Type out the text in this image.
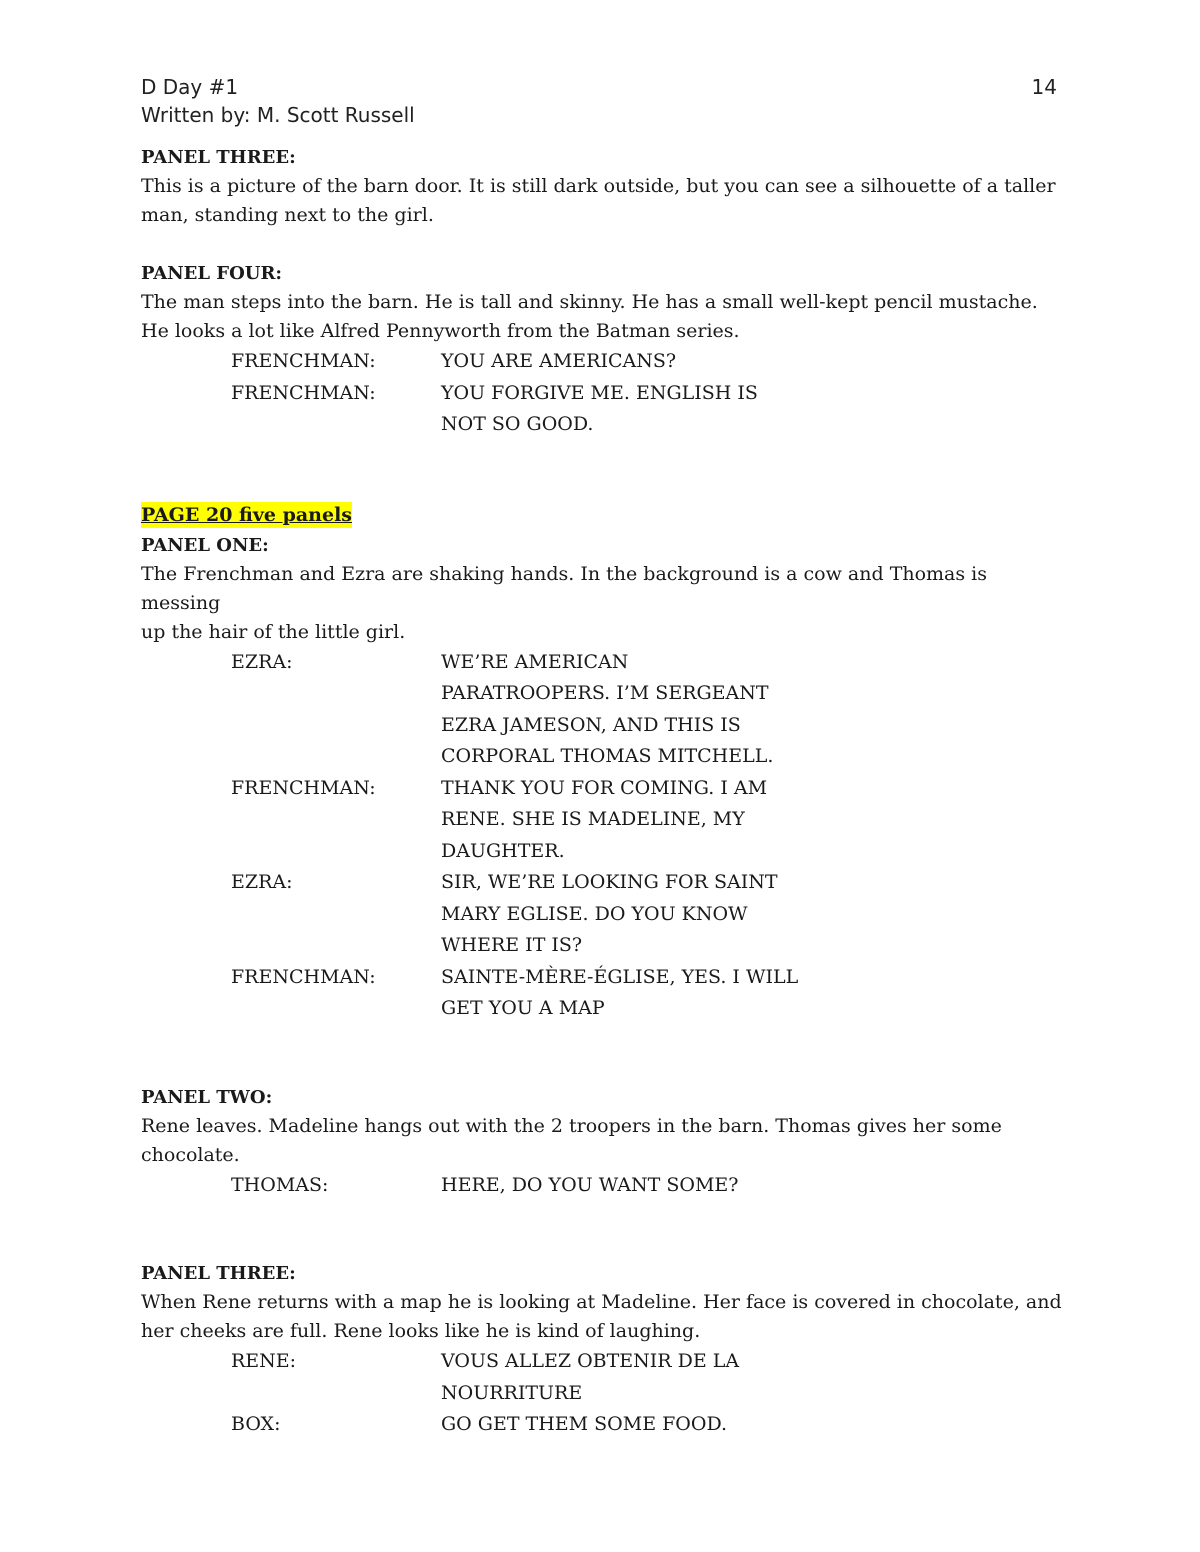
D Day #1
Written by: M. Scott Russell
14
PANEL THREE:
This is a picture of the barn door. It is still dark outside, but you can see a silhouette of a taller
man, standing next to the girl.
PANEL FOUR:
The man steps into the barn. He is tall and skinny. He has a small well-kept pencil mustache.
He looks a lot like Alfred Pennyworth from the Batman series.
FRENCHMAN:	YOU ARE AMERICANS?
FRENCHMAN:	YOU FORGIVE ME. ENGLISH IS
NOT SO GOOD.
PAGE 20 five panels
PANEL ONE:
The Frenchman and Ezra are shaking hands. In the background is a cow and Thomas is messing
up the hair of the little girl.
EZRA:	WE’RE AMERICAN
PARATROOPERS. I’M SERGEANT
EZRA JAMESON, AND THIS IS
CORPORAL THOMAS MITCHELL.
FRENCHMAN:	THANK YOU FOR COMING. I AM
RENE. SHE IS MADELINE, MY
DAUGHTER.
EZRA:	SIR, WE’RE LOOKING FOR SAINT
MARY EGLISE. DO YOU KNOW
WHERE IT IS?
FRENCHMAN:	SAINTE-MÈRE-ÉGLISE, YES. I WILL
GET YOU A MAP
PANEL TWO:
Rene leaves. Madeline hangs out with the 2 troopers in the barn. Thomas gives her some
chocolate.
THOMAS:	HERE, DO YOU WANT SOME?
PANEL THREE:
When Rene returns with a map he is looking at Madeline. Her face is covered in chocolate, and
her cheeks are full. Rene looks like he is kind of laughing.
RENE:	VOUS ALLEZ OBTENIR DE LA
NOURRITURE
BOX:	GO GET THEM SOME FOOD.
